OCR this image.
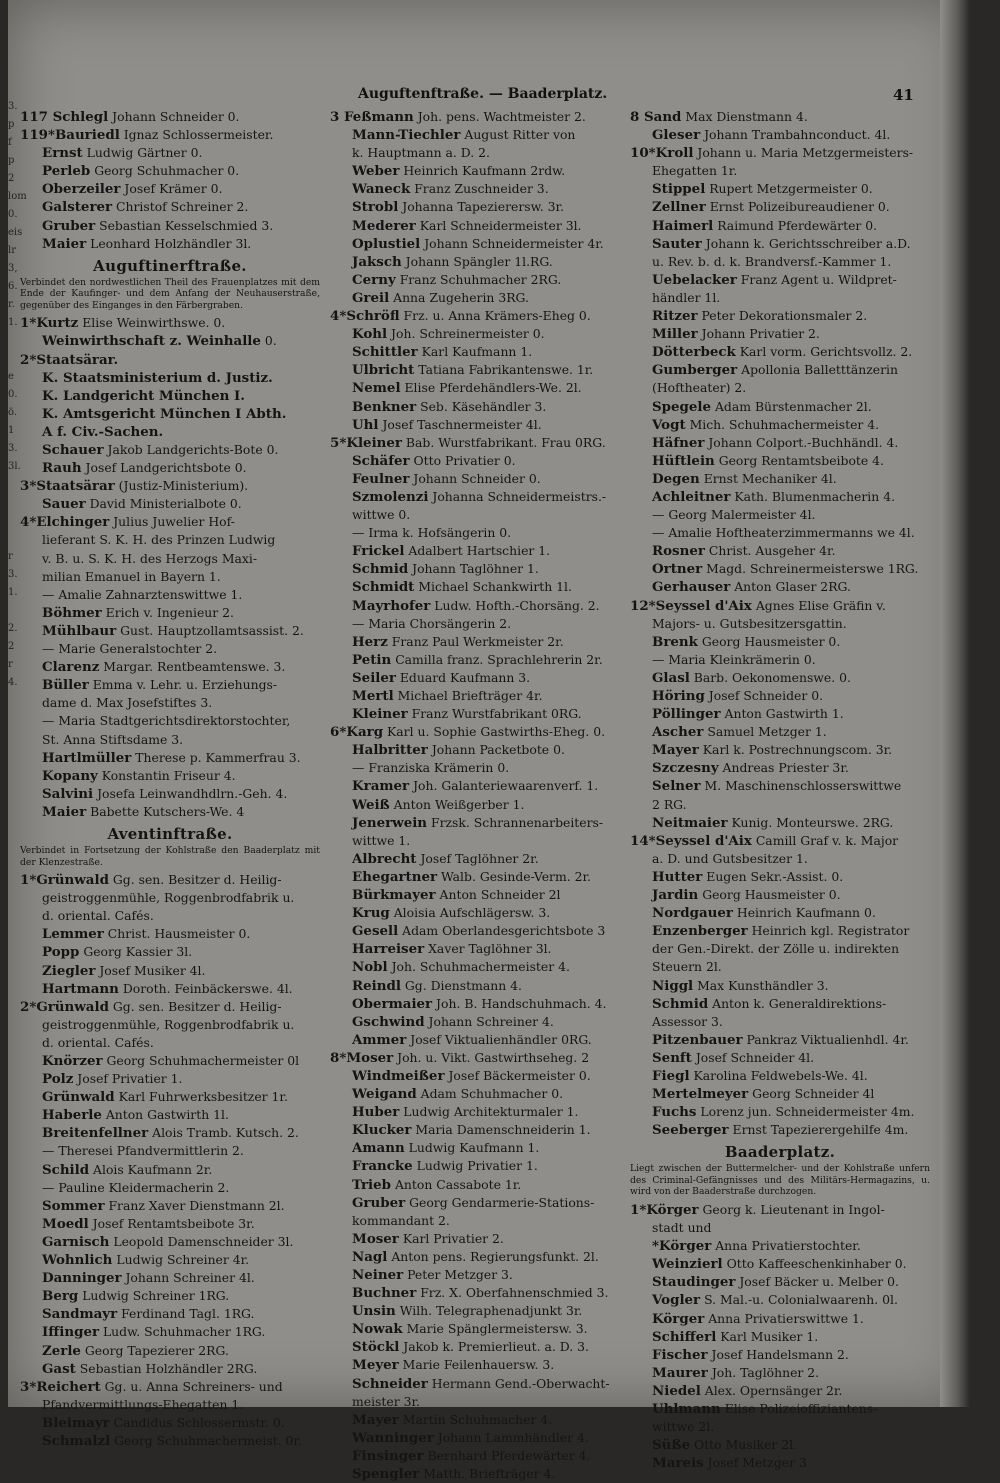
Auguftenftraße. — Baaderplatz.	41
3.
p f
p 2
lom
0.
eis
lr
3,
6.
r.
1.

e 0.
ö.
1 3.
3l.

r 3.
1.

2.
2
r 4.

117 Schlegl Johann Schneider 0.
119*Bauriedl Ignaz Schlossermeister.
Ernst Ludwig Gärtner 0.
Perleb Georg Schuhmacher 0.
Oberzeiler Josef Krämer 0.
Galsterer Christof Schreiner 2.
Gruber Sebastian Kesselschmied 3.
Maier Leonhard Holzhändler 3l.
Auguftinerftraße.
Verbindet den nordwestlichen Theil des Frauenplatzes mit dem Ende der Kaufinger- und dem Anfang der Neuhauserstraße, gegenüber des Einganges in den Färbergraben.
1*Kurtz Elise Weinwirthswe. 0.
Weinwirthschaft z. Weinhalle 0.
2*Staatsärar.
K. Staatsministerium d. Justiz.
K. Landgericht München I.
K. Amtsgericht München I Abth.
A f. Civ.-Sachen.
Schauer Jakob Landgerichts-Bote 0.
Rauh Josef Landgerichtsbote 0.
3*Staatsärar (Justiz-Ministerium).
Sauer David Ministerialbote 0.
4*Elchinger Julius Juwelier Hof-
lieferant S. K. H. des Prinzen Ludwig
v. B. u. S. K. H. des Herzogs Maxi-
milian Emanuel in Bayern 1.
— Amalie Zahnarztenswittwe 1.
Böhmer Erich v. Ingenieur 2.
Mühlbaur Gust. Hauptzollamtsassist. 2.
— Marie Generalstochter 2.
Clarenz Margar. Rentbeamtenswe. 3.
Büller Emma v. Lehr. u. Erziehungs-
dame d. Max Josefstiftes 3.
— Maria Stadtgerichtsdirektorstochter,
St. Anna Stiftsdame 3.
Hartlmüller Therese p. Kammerfrau 3.
Kopany Konstantin Friseur 4.
Salvini Josefa Leinwandhdlrn.-Geh. 4.
Maier Babette Kutschers-We. 4
Aventinftraße.
Verbindet in Fortsetzung der Kohlstraße den Baaderplatz mit der Klenzestraße.
1*Grünwald Gg. sen. Besitzer d. Heilig-
geistroggenmühle, Roggenbrodfabrik u.
d. oriental. Cafés.
Lemmer Christ. Hausmeister 0.
Popp Georg Kassier 3l.
Ziegler Josef Musiker 4l.
Hartmann Doroth. Feinbäckerswe. 4l.
2*Grünwald Gg. sen. Besitzer d. Heilig-
geistroggenmühle, Roggenbrodfabrik u.
d. oriental. Cafés.
Knörzer Georg Schuhmachermeister 0l
Polz Josef Privatier 1.
Grünwald Karl Fuhrwerksbesitzer 1r.
Haberle Anton Gastwirth 1l.
Breitenfellner Alois Tramb. Kutsch. 2.
— Theresei Pfandvermittlerin 2.
Schild Alois Kaufmann 2r.
— Pauline Kleidermacherin 2.
Sommer Franz Xaver Dienstmann 2l.
Moedl Josef Rentamtsbeibote 3r.
Garnisch Leopold Damenschneider 3l.
Wohnlich Ludwig Schreiner 4r.
Danninger Johann Schreiner 4l.
Berg Ludwig Schreiner 1RG.
Sandmayr Ferdinand Tagl. 1RG.
Iffinger Ludw. Schuhmacher 1RG.
Zerle Georg Tapezierer 2RG.
Gast Sebastian Holzhändler 2RG.
3*Reichert Gg. u. Anna Schreiners- und
Pfandvermittlungs-Ehegatten 1.
Bleimayr Candidus Schlossermstr. 0.
Schmalzl Georg Schuhmachermeist. 0r.
3 Feßmann Joh. pens. Wachtmeister 2.
Mann-Tiechler August Ritter von
k. Hauptmann a. D. 2.
Weber Heinrich Kaufmann 2rdw.
Waneck Franz Zuschneider 3.
Strobl Johanna Tapezierersw. 3r.
Mederer Karl Schneidermeister 3l.
Oplustiel Johann Schneidermeister 4r.
Jaksch Johann Spängler 1l.RG.
Cerny Franz Schuhmacher 2RG.
Greil Anna Zugeherin 3RG.
4*Schröfl Frz. u. Anna Krämers-Eheg 0.
Kohl Joh. Schreinermeister 0.
Schittler Karl Kaufmann 1.
Ulbricht Tatiana Fabrikantenswe. 1r.
Nemel Elise Pferdehändlers-We. 2l.
Benkner Seb. Käsehändler 3.
Uhl Josef Taschnermeister 4l.
5*Kleiner Bab. Wurstfabrikant. Frau 0RG.
Schäfer Otto Privatier 0.
Feulner Johann Schneider 0.
Szmolenzi Johanna Schneidermeistrs.-
wittwe 0.
— Irma k. Hofsängerin 0.
Frickel Adalbert Hartschier 1.
Schmid Johann Taglöhner 1.
Schmidt Michael Schankwirth 1l.
Mayrhofer Ludw. Hofth.-Chorsäng. 2.
— Maria Chorsängerin 2.
Herz Franz Paul Werkmeister 2r.
Petin Camilla franz. Sprachlehrerin 2r.
Seiler Eduard Kaufmann 3.
Mertl Michael Briefträger 4r.
Kleiner Franz Wurstfabrikant 0RG.
6*Karg Karl u. Sophie Gastwirths-Eheg. 0.
Halbritter Johann Packetbote 0.
— Franziska Krämerin 0.
Kramer Joh. Galanteriewaarenverf. 1.
Weiß Anton Weißgerber 1.
Jenerwein Frzsk. Schrannenarbeiters-
wittwe 1.
Albrecht Josef Taglöhner 2r.
Ehegartner Walb. Gesinde-Verm. 2r.
Bürkmayer Anton Schneider 2l
Krug Aloisia Aufschlägersw. 3.
Gesell Adam Oberlandesgerichtsbote 3
Harreiser Xaver Taglöhner 3l.
Nobl Joh. Schuhmachermeister 4.
Reindl Gg. Dienstmann 4.
Obermaier Joh. B. Handschuhmach. 4.
Gschwind Johann Schreiner 4.
Ammer Josef Viktualienhändler 0RG.
8*Moser Joh. u. Vikt. Gastwirthseheg. 2
Windmeißer Josef Bäckermeister 0.
Weigand Adam Schuhmacher 0.
Huber Ludwig Architekturmaler 1.
Klucker Maria Damenschneiderin 1.
Amann Ludwig Kaufmann 1.
Francke Ludwig Privatier 1.
Trieb Anton Cassabote 1r.
Gruber Georg Gendarmerie-Stations-
kommandant 2.
Moser Karl Privatier 2.
Nagl Anton pens. Regierungsfunkt. 2l.
Neiner Peter Metzger 3.
Buchner Frz. X. Oberfahnenschmied 3.
Unsin Wilh. Telegraphenadjunkt 3r.
Nowak Marie Spänglermeistersw. 3.
Stöckl Jakob k. Premierlieut. a. D. 3.
Meyer Marie Feilenhauersw. 3.
Schneider Hermann Gend.-Oberwacht-
meister 3r.
Mayer Martin Schuhmacher 4.
Wanninger Johann Lammhändler 4.
Finsinger Bernhard Pferdewärter 4.
Spengler Matth. Briefträger 4.
8 Sand Max Dienstmann 4.
Gleser Johann Trambahnconduct. 4l.
10*Kroll Johann u. Maria Metzgermeisters-
Ehegatten 1r.
Stippel Rupert Metzgermeister 0.
Zellner Ernst Polizeibureaudiener 0.
Haimerl Raimund Pferdewärter 0.
Sauter Johann k. Gerichtsschreiber a.D.
u. Rev. b. d. k. Brandversf.-Kammer 1.
Uebelacker Franz Agent u. Wildpret-
händler 1l.
Ritzer Peter Dekorationsmaler 2.
Miller Johann Privatier 2.
Dötterbeck Karl vorm. Gerichtsvollz. 2.
Gumberger Apollonia Balletttänzerin
(Hoftheater) 2.
Spegele Adam Bürstenmacher 2l.
Vogt Mich. Schuhmachermeister 4.
Häfner Johann Colport.-Buchhändl. 4.
Hüftlein Georg Rentamtsbeibote 4.
Degen Ernst Mechaniker 4l.
Achleitner Kath. Blumenmacherin 4.
— Georg Malermeister 4l.
— Amalie Hoftheaterzimmermanns we 4l.
Rosner Christ. Ausgeher 4r.
Ortner Magd. Schreinermeisterswe 1RG.
Gerhauser Anton Glaser 2RG.
12*Seyssel d'Aix Agnes Elise Gräfin v.
Majors- u. Gutsbesitzersgattin.
Brenk Georg Hausmeister 0.
— Maria Kleinkrämerin 0.
Glasl Barb. Oekonomenswe. 0.
Höring Josef Schneider 0.
Pöllinger Anton Gastwirth 1.
Ascher Samuel Metzger 1.
Mayer Karl k. Postrechnungscom. 3r.
Szczesny Andreas Priester 3r.
Selner M. Maschinenschlosserswittwe
2 RG.
Neitmaier Kunig. Monteurswe. 2RG.
14*Seyssel d'Aix Camill Graf v. k. Major
a. D. und Gutsbesitzer 1.
Hutter Eugen Sekr.-Assist. 0.
Jardin Georg Hausmeister 0.
Nordgauer Heinrich Kaufmann 0.
Enzenberger Heinrich kgl. Registrator
der Gen.-Direkt. der Zölle u. indirekten
Steuern 2l.
Niggl Max Kunsthändler 3.
Schmid Anton k. Generaldirektions-
Assessor 3.
Pitzenbauer Pankraz Viktualienhdl. 4r.
Senft Josef Schneider 4l.
Fiegl Karolina Feldwebels-We. 4l.
Mertelmeyer Georg Schneider 4l
Fuchs Lorenz jun. Schneidermeister 4m.
Seeberger Ernst Tapezierergehilfe 4m.
Baaderplatz.
Liegt zwischen der Buttermelcher- und der Kohlstraße unfern des Criminal-Gefängnisses und des Militärs-Hermagazins, u. wird von der Baaderstraße durchzogen.
1*Körger Georg k. Lieutenant in Ingol-
stadt und
*Körger Anna Privatierstochter.
Weinzierl Otto Kaffeeschenkinhaber 0.
Staudinger Josef Bäcker u. Melber 0.
Vogler S. Mal.-u. Colonialwaarenh. 0l.
Körger Anna Privatierswittwe 1.
Schifferl Karl Musiker 1.
Fischer Josef Handelsmann 2.
Maurer Joh. Taglöhner 2.
Niedel Alex. Opernsänger 2r.
Uhlmann Elise Polizeioffiziantens-
wittwe 2l.
Süße Otto Musiker 2l.
Mareis Josef Metzger 3
